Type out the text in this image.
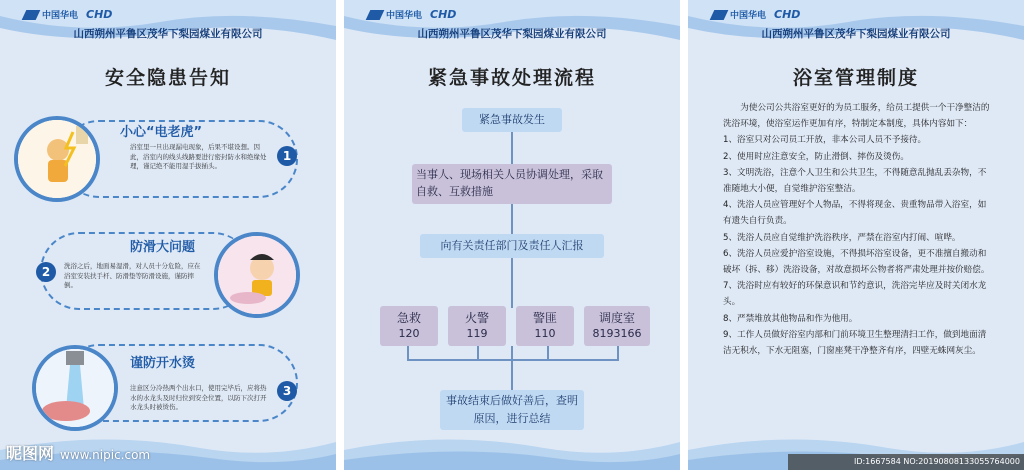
中国华电 CHD
山西朔州平鲁区茂华下梨园煤业有限公司
安全隐患告知
小心“电老虎”
浴室里一旦出现漏电现象，后果不堪设想。因此，浴室内的线头线路要进行密封防水和绝缘处理，谨记绝不能用湿手拔插头。
1
防滑大问题
洗浴之后，地面易湿滑，对人员十分危险，应在浴室安装扶手杆、防滑垫等防滑设施，谨防摔倒。
2
谨防开水烫
注意区分冷热两个出水口，使用完毕后，应将热水的水龙头及时归位到安全位置，以防下次打开水龙头时被烫伤。
3
中国华电 CHD
山西朔州平鲁区茂华下梨园煤业有限公司
紧急事故处理流程
紧急事故发生
当事人、现场相关人员协调处理，采取自救、互救措施
向有关责任部门及责任人汇报
急救
120
火警
119
警匪
110
调度室
8193166
事故结束后做好善后，查明原因，进行总结
中国华电 CHD
山西朔州平鲁区茂华下梨园煤业有限公司
浴室管理制度

为使公司公共浴室更好的为员工服务，给员工提供一个干净整洁的洗浴环境，使浴室运作更加有序，特制定本制度，具体内容如下：

1、浴室只对公司员工开放，非本公司人员不予接待。

2、使用时应注意安全，防止滑倒、摔伤及烫伤。

3、文明洗浴，注意个人卫生和公共卫生，不得随意乱抛乱丢杂物，不准随地大小便，自觉维护浴室整洁。

4、洗浴人员应管理好个人物品，不得将现金、贵重物品带入浴室，如有遗失自行负责。

5、洗浴人员应自觉维护洗浴秩序，严禁在浴室内打闹、喧哗。

6、洗浴人员应爱护浴室设施，不得损坏浴室设备，更不准擅自搬动和破坏（拆、移）洗浴设备，对故意损坏公物者将严肃处理并按价赔偿。

7、洗浴时应有较好的环保意识和节约意识，洗浴完毕应及时关闭水龙头。

8、严禁堆放其他物品和作为他用。

9、工作人员做好浴室内部和门前环境卫生整理清扫工作，做到地面清洁无积水，下水无阻塞，门窗座凳干净整齐有序，四壁无蛛网灰尘。

昵图网 www.nipic.com	ID:1667584 NO:20190808133055764000
